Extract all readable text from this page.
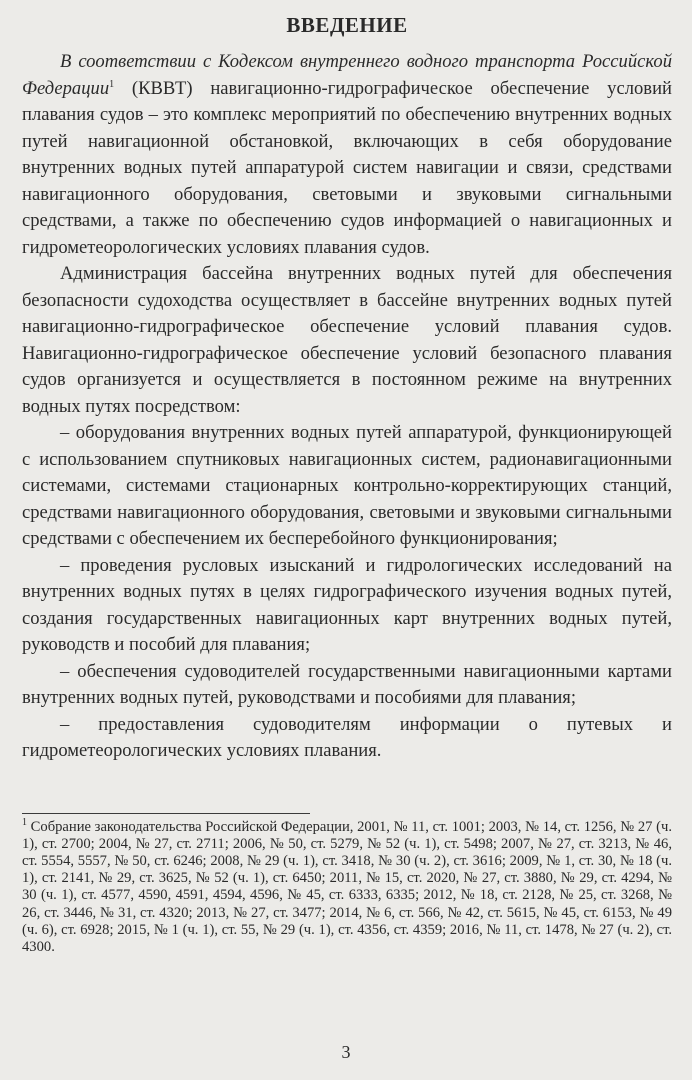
ВВЕДЕНИЕ

В соответствии с Кодексом внутреннего водного транспорта Российской Федерации$^1$ (КВВТ) навигационно-гидрографическое обеспечение условий плавания судов – это комплекс мероприятий по обеспечению внутренних водных путей навигационной обстановкой, включающих в себя оборудование внутренних водных путей аппаратурой систем навигации и связи, средствами навигационного оборудования, световыми и звуковыми сигнальными средствами, а также по обеспечению судов информацией о навигационных и гидрометеорологических условиях плавания судов.

Администрация бассейна внутренних водных путей для обеспечения безопасности судоходства осуществляет в бассейне внутренних водных путей навигационно-гидрографическое обеспечение условий плавания судов. Навигационно-гидрографическое обеспечение условий безопасного плавания судов организуется и осуществляется в постоянном режиме на внутренних водных путях посредством:

– оборудования внутренних водных путей аппаратурой, функционирующей с использованием спутниковых навигационных систем, радионавигационными системами, системами стационарных контрольно-корректирующих станций, средствами навигационного оборудования, световыми и звуковыми сигнальными средствами с обеспечением их бесперебойного функционирования;

– проведения русловых изысканий и гидрологических исследований на внутренних водных путях в целях гидрографического изучения водных путей, создания государственных навигационных карт внутренних водных путей, руководств и пособий для плавания;

– обеспечения судоводителей государственными навигационными картами внутренних водных путей, руководствами и пособиями для плавания;

– предоставления судоводителям информации о путевых и гидрометеорологических условиях плавания.

$^1$ Собрание законодательства Российской Федерации, 2001, № 11, ст. 1001; 2003, № 14, ст. 1256, № 27 (ч. 1), ст. 2700; 2004, № 27, ст. 2711; 2006, № 50, ст. 5279, № 52 (ч. 1), ст. 5498; 2007, № 27, ст. 3213, № 46, ст. 5554, 5557, № 50, ст. 6246; 2008, № 29 (ч. 1), ст. 3418, № 30 (ч. 2), ст. 3616; 2009, № 1, ст. 30, № 18 (ч. 1), ст. 2141, № 29, ст. 3625, № 52 (ч. 1), ст. 6450; 2011, № 15, ст. 2020, № 27, ст. 3880, № 29, ст. 4294, № 30 (ч. 1), ст. 4577, 4590, 4591, 4594, 4596, № 45, ст. 6333, 6335; 2012, № 18, ст. 2128, № 25, ст. 3268, № 26, ст. 3446, № 31, ст. 4320; 2013, № 27, ст. 3477; 2014, № 6, ст. 566, № 42, ст. 5615, № 45, ст. 6153, № 49 (ч. 6), ст. 6928; 2015, № 1 (ч. 1), ст. 55, № 29 (ч. 1), ст. 4356, ст. 4359; 2016, № 11, ст. 1478, № 27 (ч. 2), ст. 4300.
3
